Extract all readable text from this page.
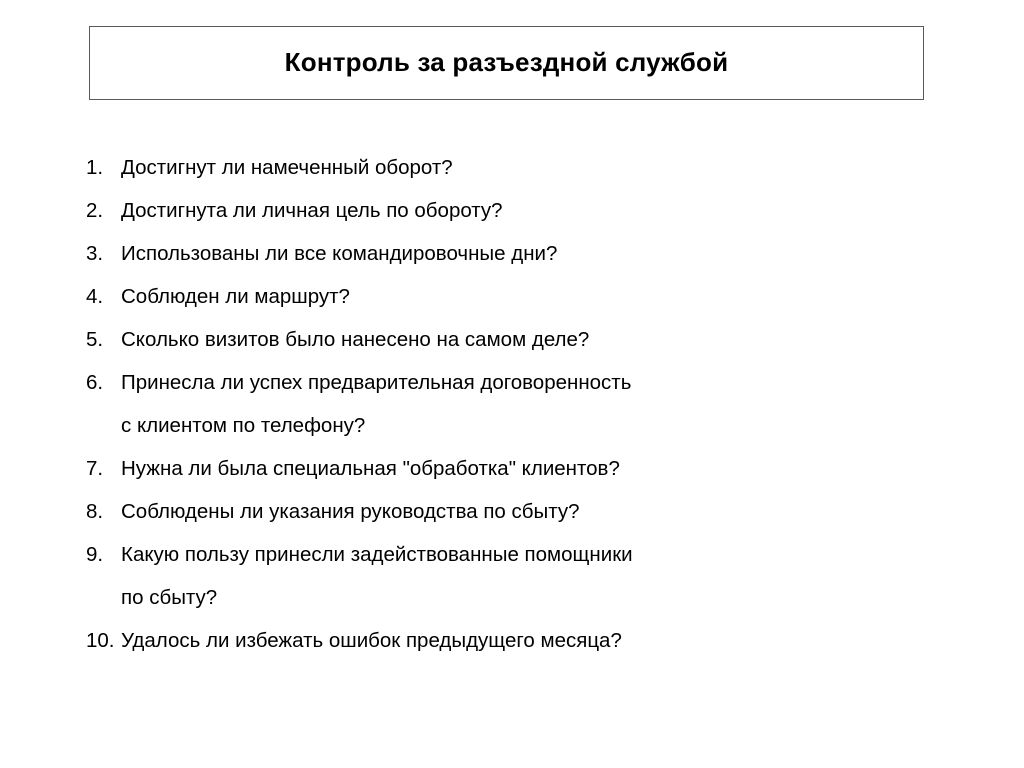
Контроль за разъездной службой
1. Достигнут ли намеченный оборот?
2. Достигнута ли личная цель по обороту?
3. Использованы ли все командировочные дни?
4. Соблюден ли маршрут?
5. Сколько визитов было нанесено на самом деле?
6. Принесла ли успех предварительная договоренность
с клиентом по телефону?
7. Нужна ли была специальная "обработка" клиентов?
8. Соблюдены ли указания руководства по сбыту?
9. Какую пользу принесли задействованные помощники
по сбыту?
10. Удалось ли избежать ошибок предыдущего месяца?
